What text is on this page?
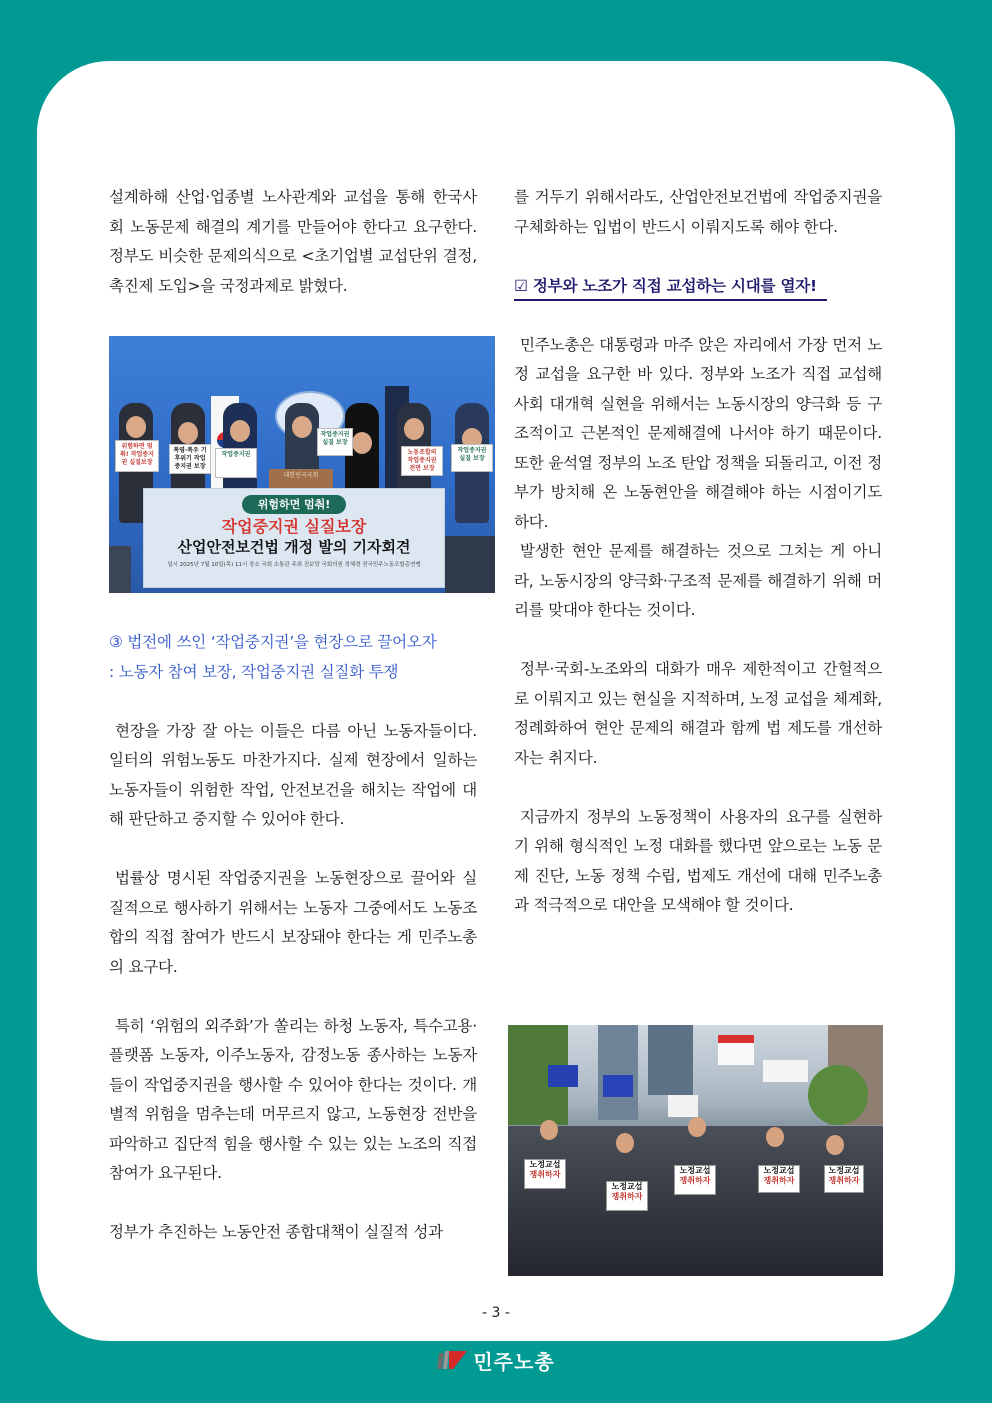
설계하해 산업·업종별 노사관계와 교섭을 통해 한국사회 노동문제 해결의 계기를 만들어야 한다고 요구한다. 정부도 비슷한 문제의식으로 <초기업별 교섭단위 결정, 촉진제 도입>을 국정과제로 밝혔다.

위험하면 멈춰! 작업중지권 실질보장
폭염·폭우 기후위기 작업중지권 보장
작업중지권
작업중지권 실질 보장
노동조합의 작업중지권 전면 보장
작업중지권 실질 보장
대한민국국회
위험하면 멈춰!
작업중지권 실질보장
산업안전보건법 개정 발의 기자회견
일시 2025년 7월 10일(목) 11시 장소 국회 소통관 주최 진보당 국회의원 정혜경 전국민주노동조합총연맹

③ 법전에 쓰인 ‘작업중지권’을 현장으로 끌어오자

: 노동자 참여 보장, 작업중지권 실질화 투쟁

현장을 가장 잘 아는 이들은 다름 아닌 노동자들이다. 일터의 위험노동도 마찬가지다. 실제 현장에서 일하는 노동자들이 위험한 작업, 안전보건을 해치는 작업에 대해 판단하고 중지할 수 있어야 한다.

법률상 명시된 작업중지권을 노동현장으로 끌어와 실질적으로 행사하기 위해서는 노동자 그중에서도 노동조합의 직접 참여가 반드시 보장돼야 한다는 게 민주노총의 요구다.

특히 ‘위험의 외주화’가 쏠리는 하청 노동자, 특수고용·플랫폼 노동자, 이주노동자, 감정노동 종사하는 노동자들이 작업중지권을 행사할 수 있어야 한다는 것이다. 개별적 위험을 멈추는데 머무르지 않고, 노동현장 전반을 파악하고 집단적 힘을 행사할 수 있는 있는 노조의 직접 참여가 요구된다.

정부가 추진하는 노동안전 종합대책이 실질적 성과

를 거두기 위해서라도, 산업안전보건법에 작업중지권을 구체화하는 입법이 반드시 이뤄지도록 해야 한다.

☑ 정부와 노조가 직접 교섭하는 시대를 열자!

민주노총은 대통령과 마주 앉은 자리에서 가장 먼저 노정 교섭을 요구한 바 있다. 정부와 노조가 직접 교섭해 사회 대개혁 실현을 위해서는 노동시장의 양극화 등 구조적이고 근본적인 문제해결에 나서야 하기 때문이다. 또한 윤석열 정부의 노조 탄압 정책을 되돌리고, 이전 정부가 방치해 온 노동현안을 해결해야 하는 시점이기도 하다.

발생한 현안 문제를 해결하는 것으로 그치는 게 아니라, 노동시장의 양극화·구조적 문제를 해결하기 위해 머리를 맞대야 한다는 것이다.

정부·국회-노조와의 대화가 매우 제한적이고 간헐적으로 이뤄지고 있는 현실을 지적하며, 노정 교섭을 체계화, 정례화하여 현안 문제의 해결과 함께 법 제도를 개선하자는 취지다.

지금까지 정부의 노동정책이 사용자의 요구를 실현하기 위해 형식적인 노정 대화를 했다면 앞으로는 노동 문제 진단, 노동 정책 수립, 법제도 개선에 대해 민주노총과 적극적으로 대안을 모색해야 할 것이다.

노정교섭
쟁취하자
노정교섭
쟁취하자
노정교섭
쟁취하자
노정교섭
쟁취하자
노정교섭
쟁취하자
- 3 -
민주노총
